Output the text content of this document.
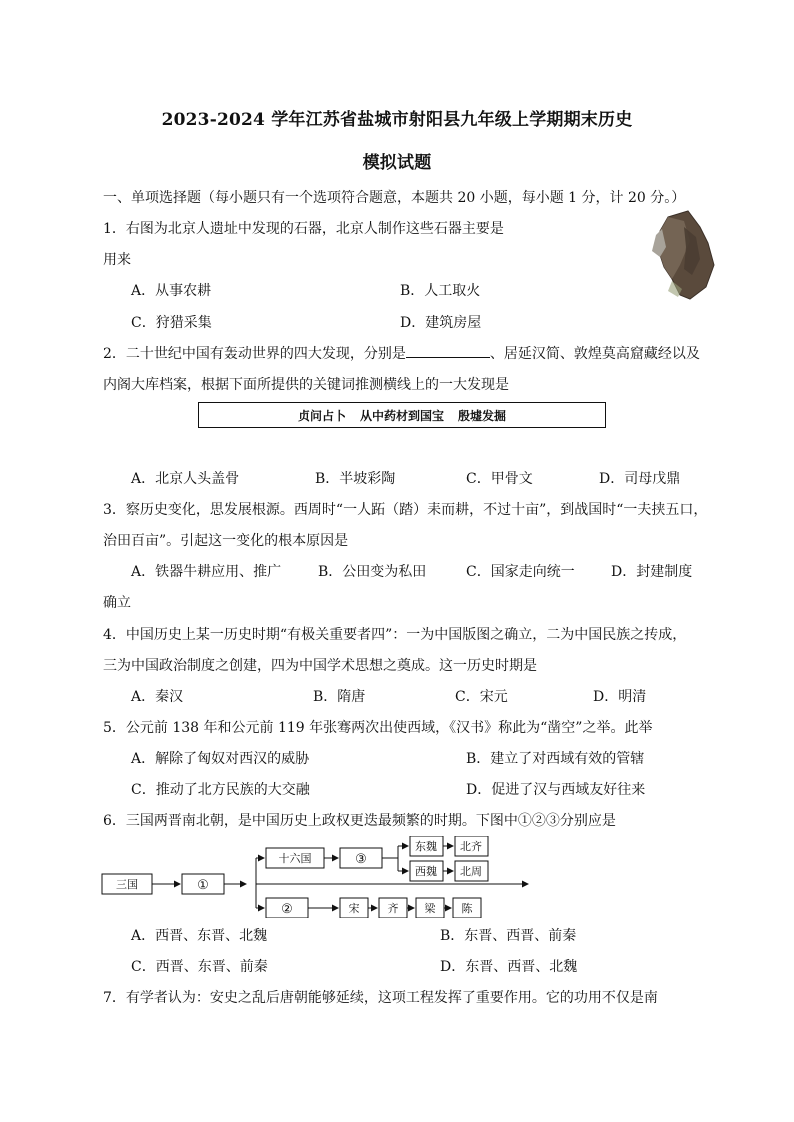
2023-2024 学年江苏省盐城市射阳县九年级上学期期末历史
模拟试题
一、单项选择题（每小题只有一个选项符合题意，本题共 20 小题，每小题 1 分，计 20 分。）
1．右图为北京人遗址中发现的石器，北京人制作这些石器主要是
用来
A．从事农耕	B．人工取火
C．狩猎采集	D．建筑房屋
2．二十世纪中国有轰动世界的四大发现，分别是	、居延汉简、敦煌莫高窟藏经以及
内阁大库档案，根据下面所提供的关键词推测横线上的一大发现是
贞问占卜 从中药材到国宝 殷墟发掘
A．北京人头盖骨	B．半坡彩陶	C．甲骨文	D．司母戊鼎
3．察历史变化，思发展根源。西周时“一人跖（踏）耒而耕，不过十亩”，到战国时“一夫挟五口，
治田百亩”。引起这一变化的根本原因是
A．铁器牛耕应用、推广	B．公田变为私田	C．国家走向统一	D．封建制度
确立
4．中国历史上某一历史时期“有极关重要者四”：一为中国版图之确立，二为中国民族之抟成，
三为中国政治制度之创建，四为中国学术思想之奠成。这一历史时期是
A．秦汉	B．隋唐	C．宋元	D．明清
5．公元前 138 年和公元前 119 年张骞两次出使西域，《汉书》称此为“凿空”之举。此举
A．解除了匈奴对西汉的威胁	B．建立了对西域有效的管辖
C．推动了北方民族的大交融	D．促进了汉与西域友好往来
6．三国两晋南北朝，是中国历史上政权更迭最频繁的时期。下图中①②③分别应是
三国	①
十六国	③
东魏 北齐
西魏 北周
②	宋	齐 梁 陈
A．西晋、东晋、北魏	B．东晋、西晋、前秦
C．西晋、东晋、前秦	D．东晋、西晋、北魏
7．有学者认为：安史之乱后唐朝能够延续，这项工程发挥了重要作用。它的功用不仅是南
